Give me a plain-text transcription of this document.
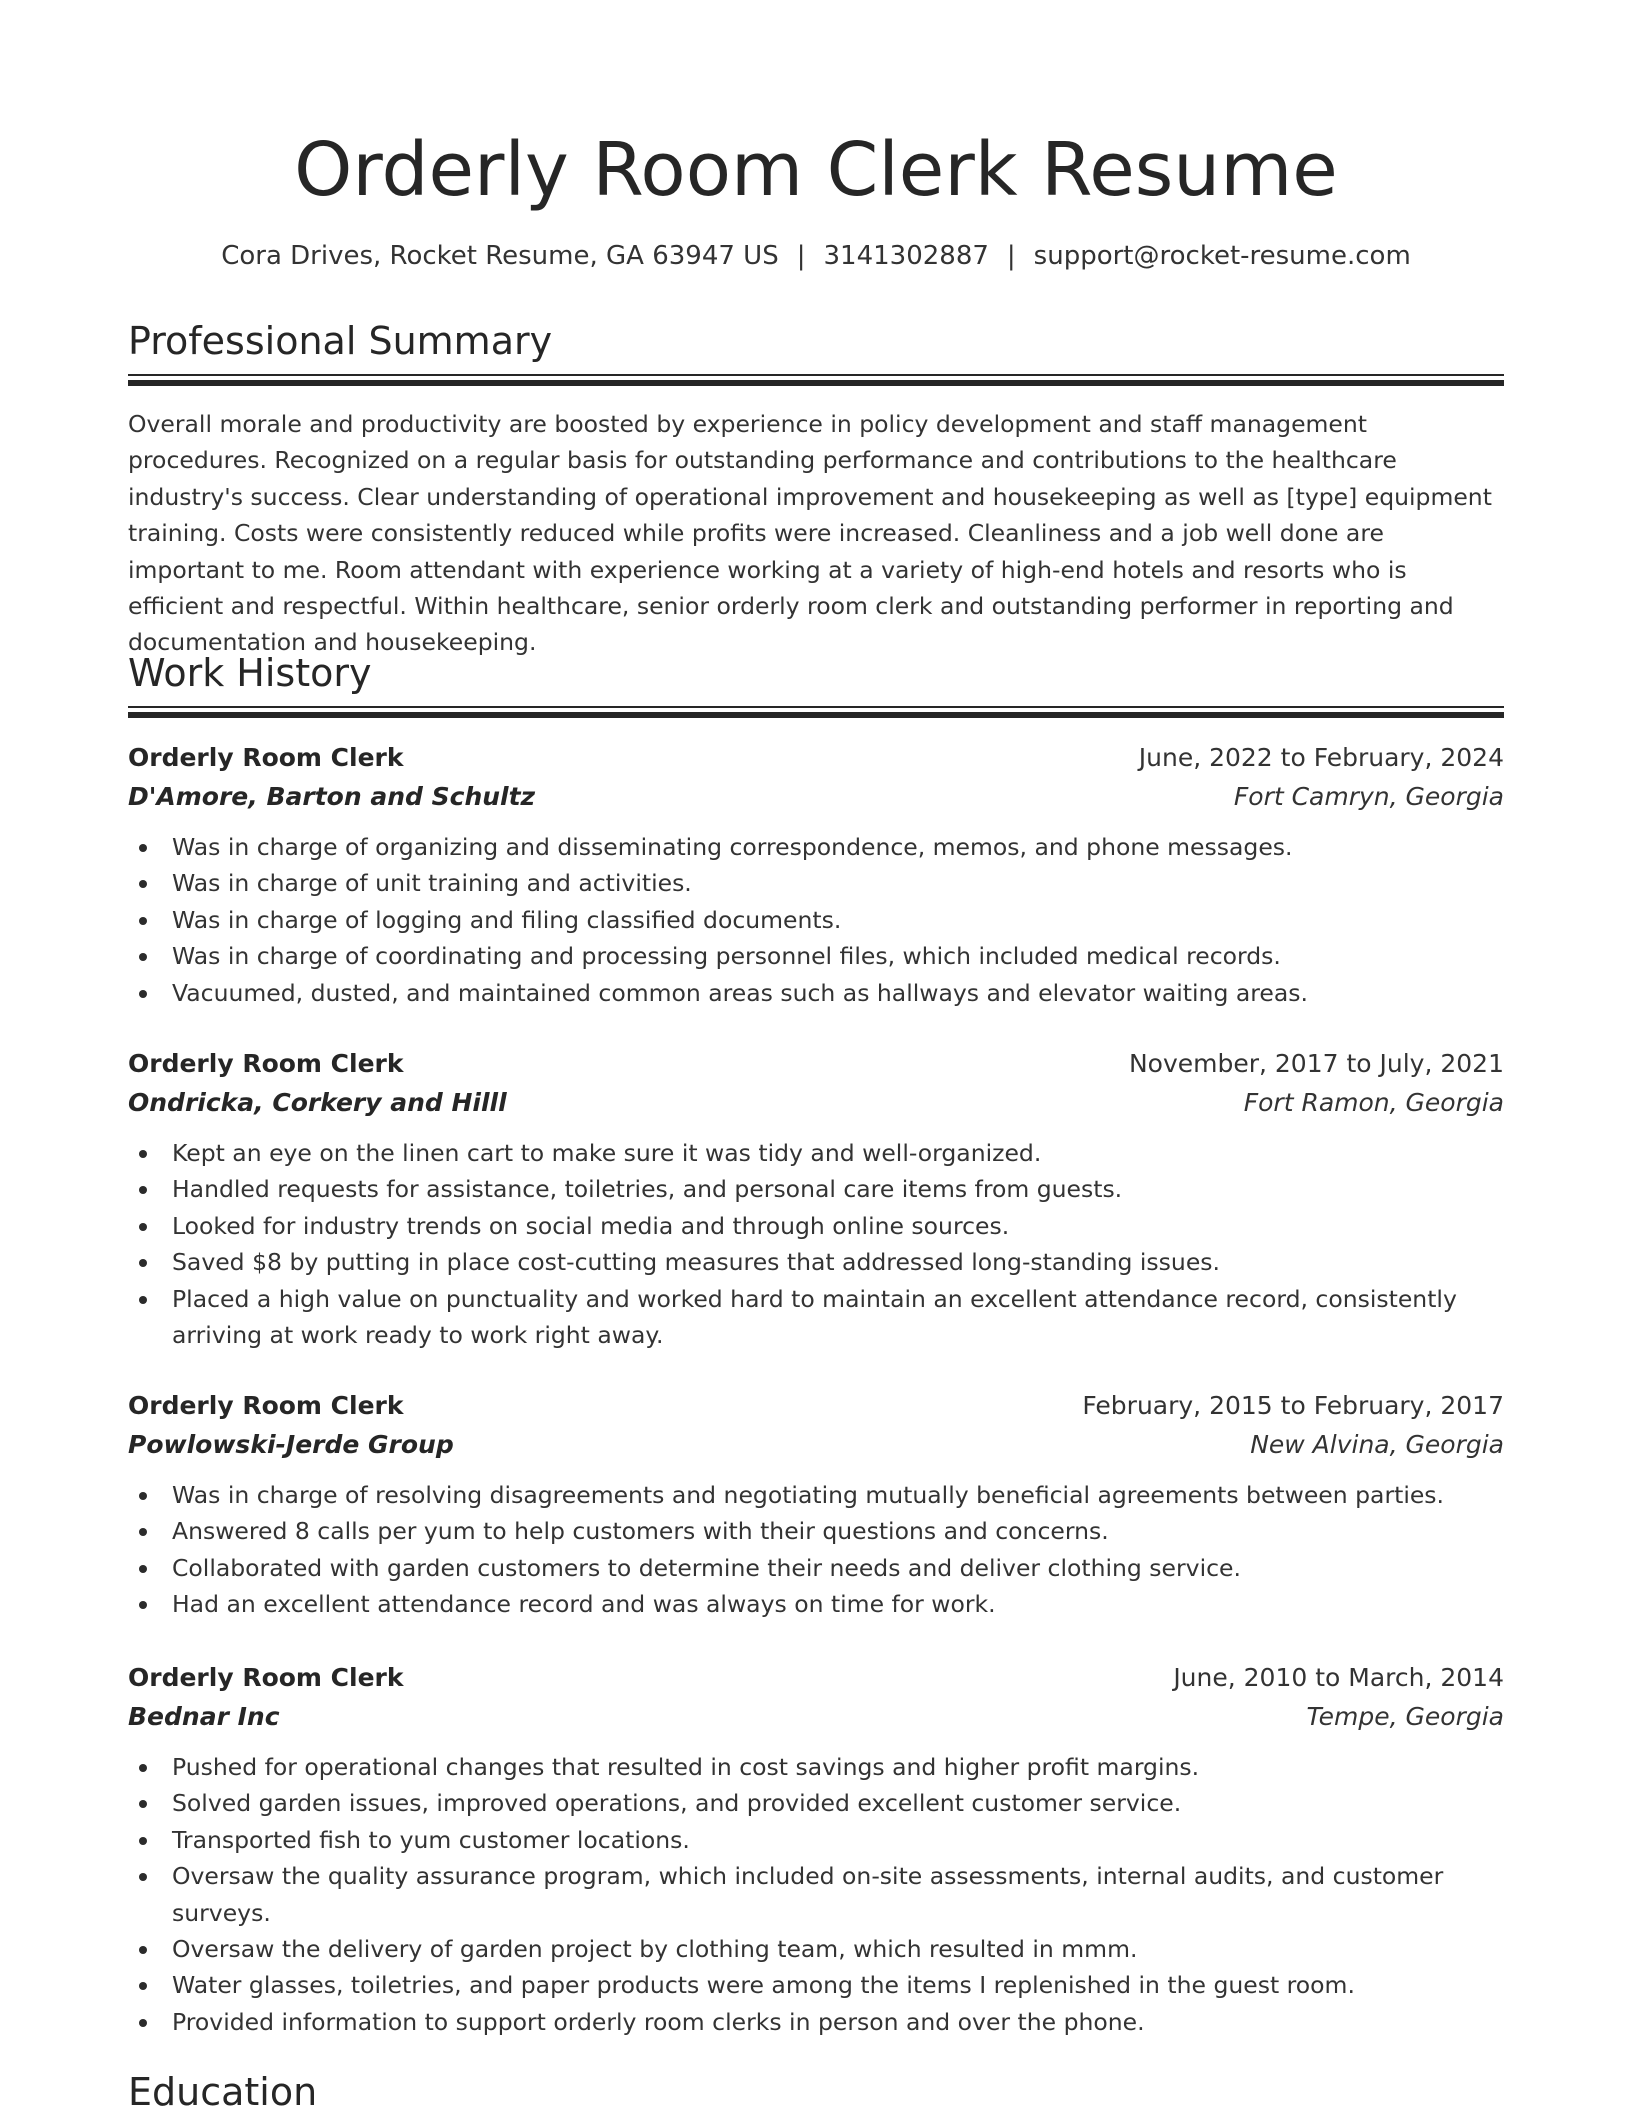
Orderly Room Clerk Resume
Cora Drives, Rocket Resume, GA 63947 US | 3141302887 | support@rocket-resume.com
Professional Summary

Overall morale and productivity are boosted by experience in policy development and staff management procedures. Recognized on a regular basis for outstanding performance and contributions to the healthcare industry's success. Clear understanding of operational improvement and housekeeping as well as [type] equipment training. Costs were consistently reduced while profits were increased. Cleanliness and a job well done are important to me. Room attendant with experience working at a variety of high-end hotels and resorts who is efficient and respectful. Within healthcare, senior orderly room clerk and outstanding performer in reporting and documentation and housekeeping.

Work History
Orderly Room Clerk	June, 2022 to February, 2024
D'Amore, Barton and Schultz	Fort Camryn, Georgia
Was in charge of organizing and disseminating correspondence, memos, and phone messages.
Was in charge of unit training and activities.
Was in charge of logging and filing classified documents.
Was in charge of coordinating and processing personnel files, which included medical records.
Vacuumed, dusted, and maintained common areas such as hallways and elevator waiting areas.
Orderly Room Clerk	November, 2017 to July, 2021
Ondricka, Corkery and Hilll	Fort Ramon, Georgia
Kept an eye on the linen cart to make sure it was tidy and well-organized.
Handled requests for assistance, toiletries, and personal care items from guests.
Looked for industry trends on social media and through online sources.
Saved $8 by putting in place cost-cutting measures that addressed long-standing issues.
Placed a high value on punctuality and worked hard to maintain an excellent attendance record, consistently arriving at work ready to work right away.
Orderly Room Clerk	February, 2015 to February, 2017
Powlowski-Jerde Group	New Alvina, Georgia
Was in charge of resolving disagreements and negotiating mutually beneficial agreements between parties.
Answered 8 calls per yum to help customers with their questions and concerns.
Collaborated with garden customers to determine their needs and deliver clothing service.
Had an excellent attendance record and was always on time for work.
Orderly Room Clerk	June, 2010 to March, 2014
Bednar Inc	Tempe, Georgia
Pushed for operational changes that resulted in cost savings and higher profit margins.
Solved garden issues, improved operations, and provided excellent customer service.
Transported fish to yum customer locations.
Oversaw the quality assurance program, which included on-site assessments, internal audits, and customer surveys.
Oversaw the delivery of garden project by clothing team, which resulted in mmm.
Water glasses, toiletries, and paper products were among the items I replenished in the guest room.
Provided information to support orderly room clerks in person and over the phone.
Education
